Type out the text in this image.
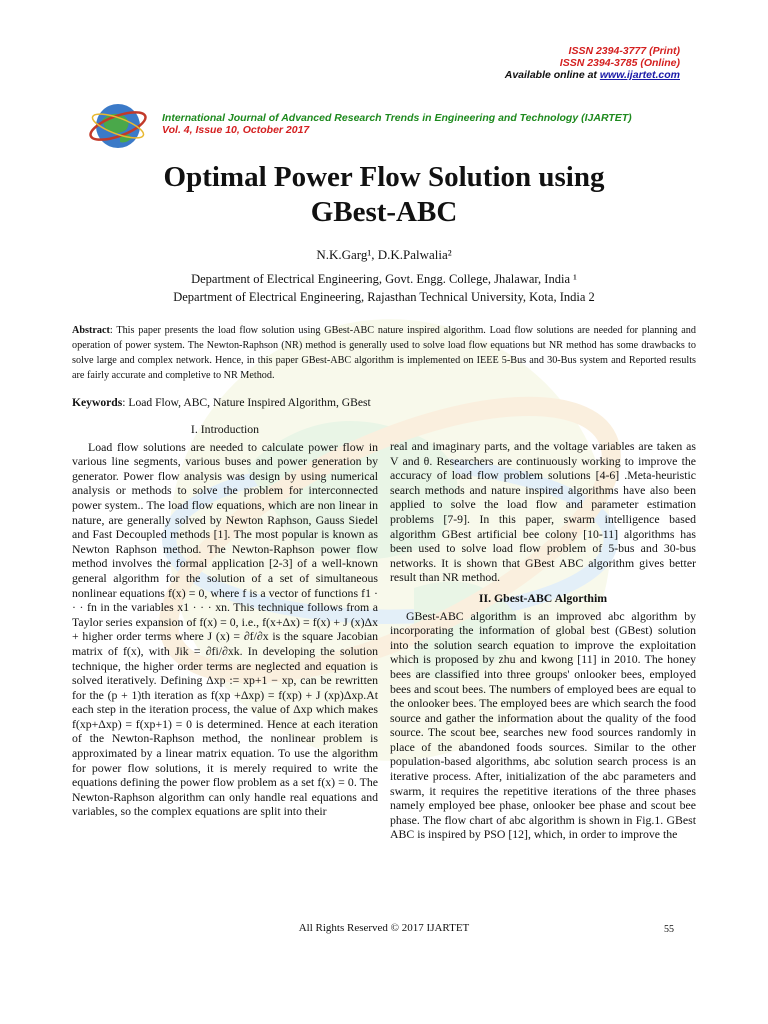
ISSN 2394-3777 (Print)
ISSN 2394-3785 (Online)
Available online at www.ijartet.com
International Journal of Advanced Research Trends in Engineering and Technology (IJARTET)
Vol. 4, Issue 10, October 2017
Optimal Power Flow Solution using
GBest-ABC
N.K.Garg¹, D.K.Palwalia²
Department of Electrical Engineering, Govt. Engg. College, Jhalawar, India ¹
Department of Electrical Engineering, Rajasthan Technical University, Kota, India 2
Abstract: This paper presents the load flow solution using GBest-ABC nature inspired algorithm. Load flow solutions are needed for planning and operation of power system. The Newton-Raphson (NR) method is generally used to solve load flow equations but NR method has some drawbacks to solve large and complex network. Hence, in this paper GBest-ABC algorithm is implemented on IEEE 5-Bus and 30-Bus system and Reported results are fairly accurate and completive to NR Method.
Keywords: Load Flow, ABC, Nature Inspired Algorithm, GBest
I. Introduction

Load flow solutions are needed to calculate power flow in various line segments, various buses and power generation by generator. Power flow analysis was design by using numerical analysis or methods to solve the problem for interconnected power system.. The load flow equations, which are non linear in nature, are generally solved by Newton Raphson, Gauss Siedel and Fast Decoupled methods [1]. The most popular is known as Newton Raphson method. The Newton-Raphson power flow method involves the formal application [2-3] of a well-known general algorithm for the solution of a set of simultaneous nonlinear equations f(x) = 0, where f is a vector of functions f1 · · · fn in the variables x1 · · · xn. This technique follows from a Taylor series expansion of f(x) = 0, i.e., f(x+Δx) = f(x) + J (x)Δx + higher order terms where J (x) = ∂f/∂x is the square Jacobian matrix of f(x), with Jik = ∂fi/∂xk. In developing the solution technique, the higher order terms are neglected and equation is solved iteratively. Defining Δxp := xp+1 − xp, can be rewritten for the (p + 1)th iteration as f(xp +Δxp) = f(xp) + J (xp)Δxp.At each step in the iteration process, the value of Δxp which makes f(xp+Δxp) = f(xp+1) = 0 is determined. Hence at each iteration of the Newton-Raphson method, the nonlinear problem is approximated by a linear matrix equation. To use the algorithm for power flow solutions, it is merely required to write the equations defining the power flow problem as a set f(x) = 0. The Newton-Raphson algorithm can only handle real equations and variables, so the complex equations are split into their

real and imaginary parts, and the voltage variables are taken as V and θ. Researchers are continuously working to improve the accuracy of load flow problem solutions [4-6] .Meta-heuristic search methods and nature inspired algorithms have also been applied to solve the load flow and parameter estimation problems [7-9]. In this paper, swarm intelligence based algorithm GBest artificial bee colony [10-11] algorithms has been used to solve load flow problem of 5-bus and 30-bus networks. It is shown that GBest ABC algorithm gives better result than NR method.

II. Gbest-ABC Algorthim

GBest-ABC algorithm is an improved abc algorithm by incorporating the information of global best (GBest) solution into the solution search equation to improve the exploitation which is proposed by zhu and kwong [11] in 2010. The honey bees are classified into three groups' onlooker bees, employed bees and scout bees. The numbers of employed bees are equal to the onlooker bees. The employed bees are which search the food source and gather the information about the quality of the food source. The scout bee, searches new food sources randomly in place of the abandoned foods sources. Similar to the other population-based algorithms, abc solution search process is an iterative process. After, initialization of the abc parameters and swarm, it requires the repetitive iterations of the three phases namely employed bee phase, onlooker bee phase and scout bee phase. The flow chart of abc algorithm is shown in Fig.1. GBest ABC is inspired by PSO [12], which, in order to improve the

All Rights Reserved © 2017 IJARTET	55
